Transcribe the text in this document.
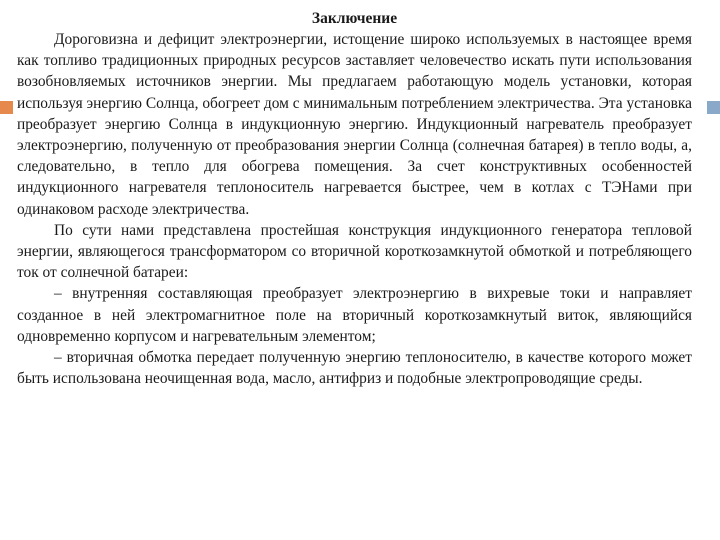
Заключение

Дороговизна и дефицит электроэнергии, истощение широко используемых в настоящее время как топливо традиционных природных ресурсов заставляет человечество искать пути использования возобновляемых источников энергии. Мы предлагаем работающую модель установки, которая используя энергию Солнца, обогреет дом с минимальным потреблением электричества. Эта установка преобразует энергию Солнца в индукционную энергию. Индукционный нагреватель преобразует электроэнергию, полученную от преобразования энергии Солнца (солнечная батарея) в тепло воды, а, следовательно, в тепло для обогрева помещения. За счет конструктивных особенностей индукционного нагревателя теплоноситель нагревается быстрее, чем в котлах с ТЭНами при одинаковом расходе электричества.

По сути нами представлена простейшая конструкция индукционного генератора тепловой энергии, являющегося трансформатором со вторичной короткозамкнутой обмоткой и потребляющего ток от солнечной батареи:

– внутренняя составляющая преобразует электроэнергию в вихревые токи и направляет созданное в ней электромагнитное поле на вторичный короткозамкнутый виток, являющийся одновременно корпусом и нагревательным элементом;

– вторичная обмотка передает полученную энергию теплоносителю, в качестве которого может быть использована неочищенная вода, масло, антифриз и подобные электропроводящие среды.
